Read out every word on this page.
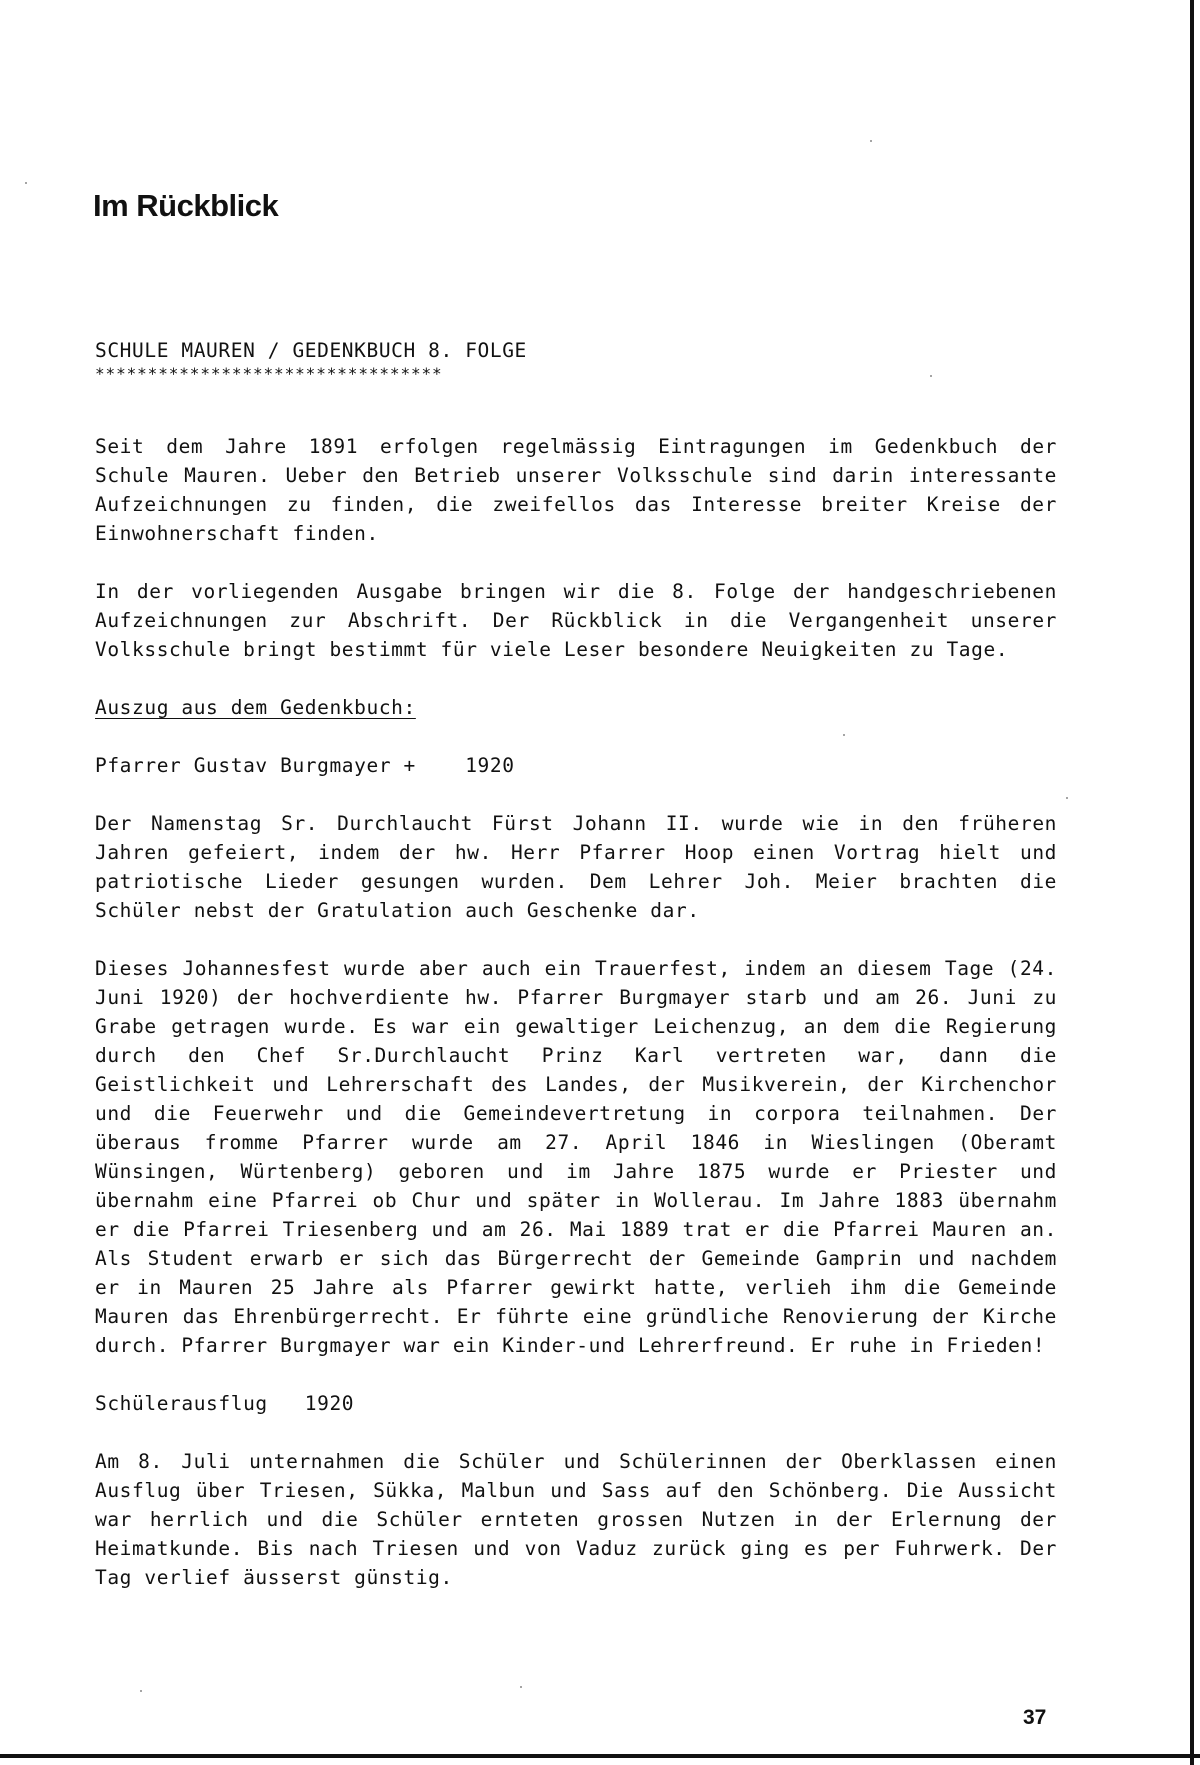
Im Rückblick
SCHULE MAUREN / GEDENKBUCH 8. FOLGE
*********************************

Seit dem Jahre 1891 erfolgen regelmässig Eintragungen im Gedenkbuch der Schule Mauren. Ueber den Betrieb unserer Volksschule sind darin interessante Aufzeichnungen zu finden, die zweifellos das Interesse breiter Kreise der Einwohnerschaft finden.

In der vorliegenden Ausgabe bringen wir die 8. Folge der handgeschriebenen Aufzeichnungen zur Abschrift. Der Rückblick in die Vergangenheit unserer Volksschule bringt bestimmt für viele Leser besondere Neuigkeiten zu Tage.

Auszug aus dem Gedenkbuch:

Pfarrer Gustav Burgmayer +    1920

Der Namenstag Sr. Durchlaucht Fürst Johann II. wurde wie in den früheren Jahren gefeiert, indem der hw. Herr Pfarrer Hoop einen Vortrag hielt und patriotische Lieder gesungen wurden. Dem Lehrer Joh. Meier brachten die Schüler nebst der Gratulation auch Geschenke dar.

Dieses Johannesfest wurde aber auch ein Trauerfest, indem an diesem Tage (24. Juni 1920) der hochverdiente hw. Pfarrer Burgmayer starb und am 26. Juni zu Grabe getragen wurde. Es war ein gewaltiger Leichenzug, an dem die Regierung durch den Chef Sr.Durchlaucht Prinz Karl vertreten war, dann die Geistlichkeit und Lehrerschaft des Landes, der Musikverein, der Kirchenchor und die Feuerwehr und die Gemeindevertretung in corpora teilnahmen. Der überaus fromme Pfarrer wurde am 27. April 1846 in Wieslingen (Oberamt Wünsingen, Würtenberg) geboren und im Jahre 1875 wurde er Priester und übernahm eine Pfarrei ob Chur und später in Wollerau. Im Jahre 1883 übernahm er die Pfarrei Triesenberg und am 26. Mai 1889 trat er die Pfarrei Mauren an. Als Student erwarb er sich das Bürgerrecht der Gemeinde Gamprin und nachdem er in Mauren 25 Jahre als Pfarrer gewirkt hatte, verlieh ihm die Gemeinde Mauren das Ehrenbürgerrecht. Er führte eine gründliche Renovierung der Kirche durch. Pfarrer Burgmayer war ein Kinder-und Lehrerfreund. Er ruhe in Frieden!

Schülerausflug   1920

Am 8. Juli unternahmen die Schüler und Schülerinnen der Oberklassen einen Ausflug über Triesen, Sükka, Malbun und Sass auf den Schönberg. Die Aussicht war herrlich und die Schüler ernteten grossen Nutzen in der Erlernung der Heimatkunde. Bis nach Triesen und von Vaduz zurück ging es per Fuhrwerk. Der Tag verlief äusserst günstig.

37
